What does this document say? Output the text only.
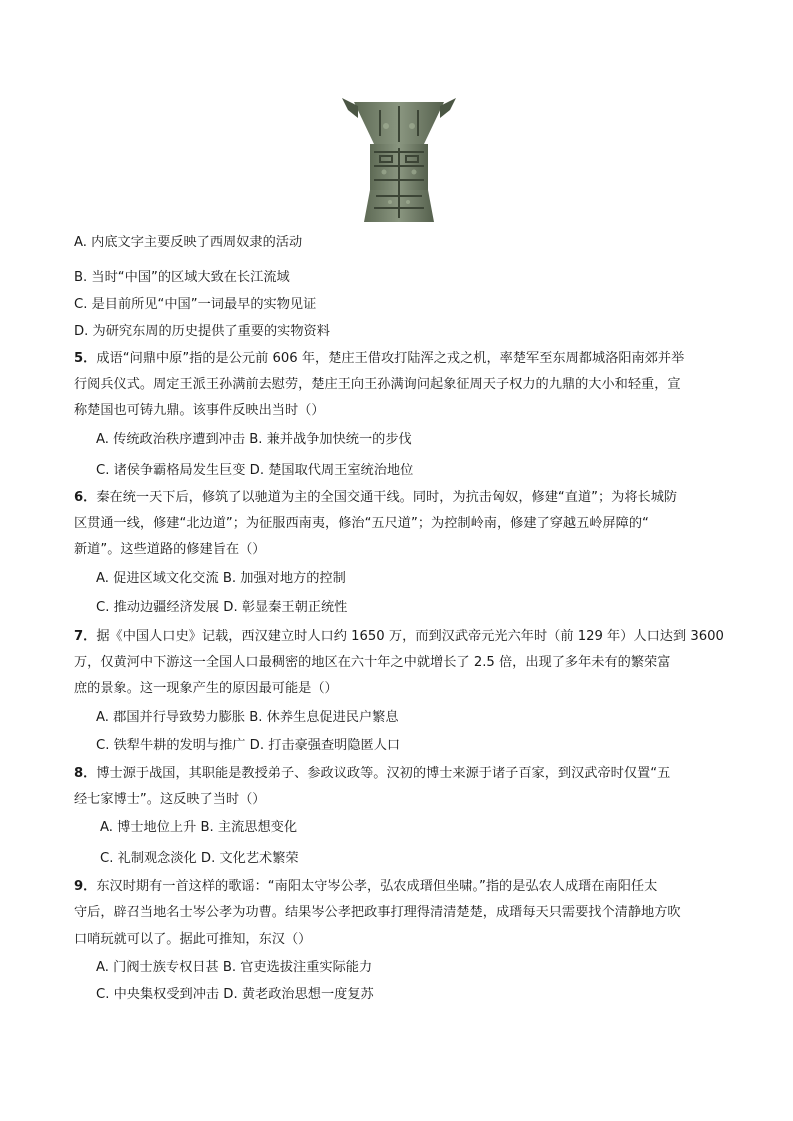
A. 内底文字主要反映了西周奴隶的活动
B. 当时“中国”的区域大致在长江流域
C. 是目前所见“中国”一词最早的实物见证
D. 为研究东周的历史提供了重要的实物资料
5．成语“问鼎中原”指的是公元前 606 年，楚庄王借攻打陆浑之戎之机，率楚军至东周都城洛阳南郊并举
行阅兵仪式。周定王派王孙满前去慰劳，楚庄王向王孙满询问起象征周天子权力的九鼎的大小和轻重，宣
称楚国也可铸九鼎。该事件反映出当时（）
A. 传统政治秩序遭到冲击 B. 兼并战争加快统一的步伐
C. 诸侯争霸格局发生巨变 D. 楚国取代周王室统治地位
6．秦在统一天下后，修筑了以驰道为主的全国交通干线。同时，为抗击匈奴，修建“直道”；为将长城防
区贯通一线，修建“北边道”；为征服西南夷，修治“五尺道”；为控制岭南，修建了穿越五岭屏障的“
新道”。这些道路的修建旨在（）
A. 促进区域文化交流 B. 加强对地方的控制
C. 推动边疆经济发展 D. 彰显秦王朝正统性
7．据《中国人口史》记载，西汉建立时人口约 1650 万，而到汉武帝元光六年时（前 129 年）人口达到 3600
万，仅黄河中下游这一全国人口最稠密的地区在六十年之中就增长了 2.5 倍，出现了多年未有的繁荣富
庶的景象。这一现象产生的原因最可能是（）
A. 郡国并行导致势力膨胀 B. 休养生息促进民户繁息
C. 铁犁牛耕的发明与推广 D. 打击豪强查明隐匿人口
8．博士源于战国，其职能是教授弟子、参政议政等。汉初的博士来源于诸子百家，到汉武帝时仅置“五
经七家博士”。这反映了当时（）
A. 博士地位上升 B. 主流思想变化
C. 礼制观念淡化 D. 文化艺术繁荣
9．东汉时期有一首这样的歌谣：“南阳太守岑公孝，弘农成瑨但坐啸。”指的是弘农人成瑨在南阳任太
守后，辟召当地名士岑公孝为功曹。结果岑公孝把政事打理得清清楚楚，成瑨每天只需要找个清静地方吹
口哨玩就可以了。据此可推知，东汉（）
A. 门阀士族专权日甚 B. 官吏选拔注重实际能力
C. 中央集权受到冲击 D. 黄老政治思想一度复苏
